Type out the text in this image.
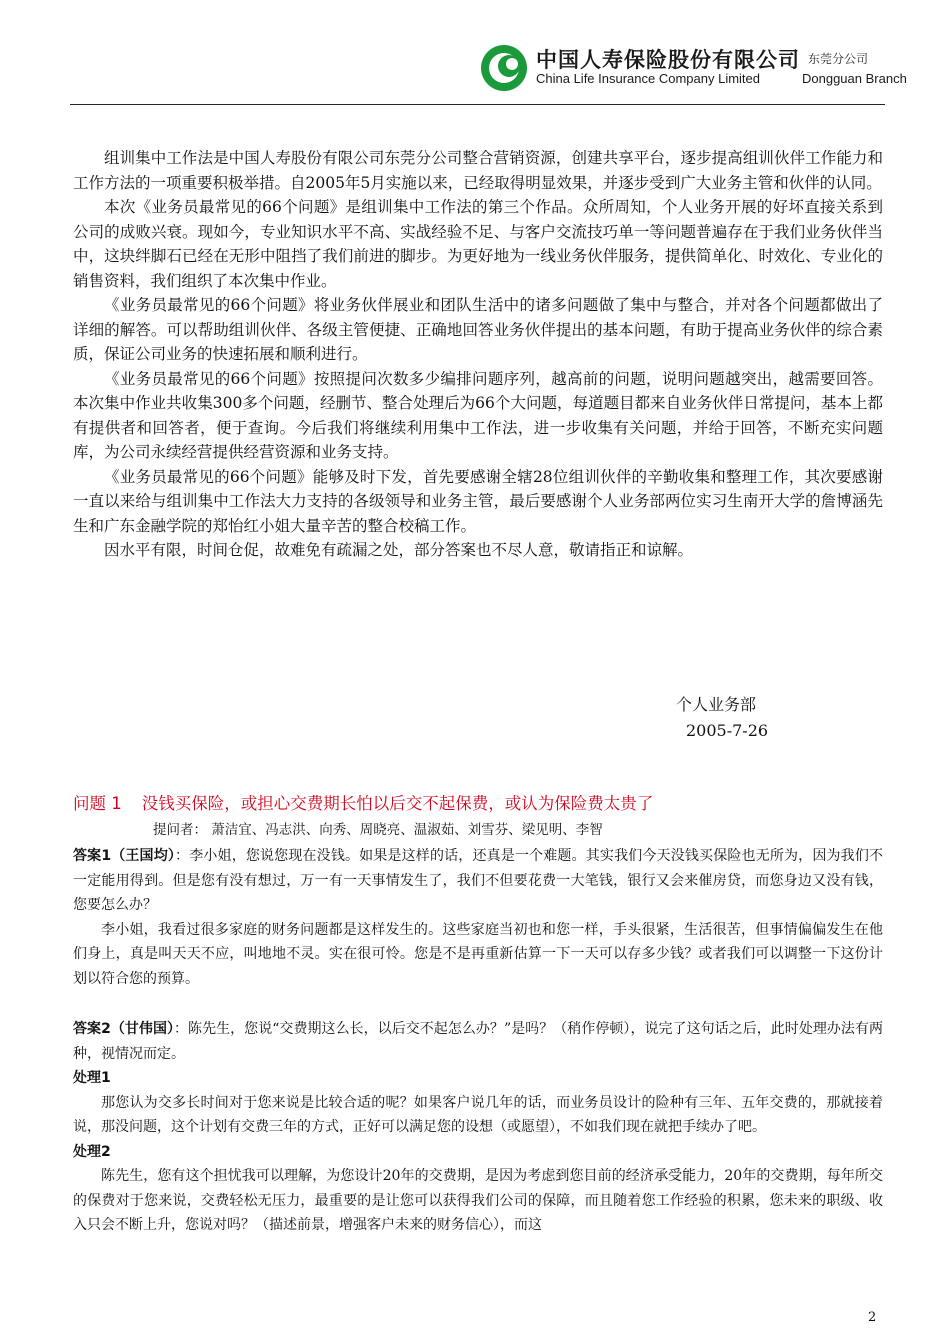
中国人寿保险股份有限公司 东莞分公司
China Life Insurance Company Limited	Dongguan Branch

组训集中工作法是中国人寿股份有限公司东莞分公司整合营销资源，创建共享平台，逐步提高组训伙伴工作能力和工作方法的一项重要积极举措。自2005年5月实施以来，已经取得明显效果，并逐步受到广大业务主管和伙伴的认同。

本次《业务员最常见的66个问题》是组训集中工作法的第三个作品。众所周知，个人业务开展的好坏直接关系到公司的成败兴衰。现如今，专业知识水平不高、实战经验不足、与客户交流技巧单一等问题普遍存在于我们业务伙伴当中，这块绊脚石已经在无形中阻挡了我们前进的脚步。为更好地为一线业务伙伴服务，提供简单化、时效化、专业化的销售资料，我们组织了本次集中作业。

《业务员最常见的66个问题》将业务伙伴展业和团队生活中的诸多问题做了集中与整合，并对各个问题都做出了详细的解答。可以帮助组训伙伴、各级主管便捷、正确地回答业务伙伴提出的基本问题，有助于提高业务伙伴的综合素质，保证公司业务的快速拓展和顺利进行。

《业务员最常见的66个问题》按照提问次数多少编排问题序列，越高前的问题，说明问题越突出，越需要回答。本次集中作业共收集300多个问题，经删节、整合处理后为66个大问题，每道题目都来自业务伙伴日常提问，基本上都有提供者和回答者，便于查询。今后我们将继续利用集中工作法，进一步收集有关问题，并给于回答，不断充实问题库，为公司永续经营提供经营资源和业务支持。

《业务员最常见的66个问题》能够及时下发，首先要感谢全辖28位组训伙伴的辛勤收集和整理工作，其次要感谢一直以来给与组训集中工作法大力支持的各级领导和业务主管，最后要感谢个人业务部两位实习生南开大学的詹博涵先生和广东金融学院的郑怡红小姐大量辛苦的整合校稿工作。

因水平有限，时间仓促，故难免有疏漏之处，部分答案也不尽人意，敬请指正和谅解。

个人业务部
2005-7-26
问题 1 没钱买保险，或担心交费期长怕以后交不起保费，或认为保险费太贵了
提问者： 萧洁宜、冯志洪、向秀、周晓亮、温淑茹、刘雪芬、梁见明、李智

答案1（王国均）：李小姐，您说您现在没钱。如果是这样的话，还真是一个难题。其实我们今天没钱买保险也无所为，因为我们不一定能用得到。但是您有没有想过，万一有一天事情发生了，我们不但要花费一大笔钱，银行又会来催房贷，而您身边又没有钱，您要怎么办？

李小姐，我看过很多家庭的财务问题都是这样发生的。这些家庭当初也和您一样，手头很紧，生活很苦，但事情偏偏发生在他们身上，真是叫天天不应，叫地地不灵。实在很可怜。您是不是再重新估算一下一天可以存多少钱？或者我们可以调整一下这份计划以符合您的预算。

答案2（甘伟国）：陈先生，您说“交费期这么长，以后交不起怎么办？”是吗？（稍作停顿），说完了这句话之后，此时处理办法有两种，视情况而定。

处理1

那您认为交多长时间对于您来说是比较合适的呢？如果客户说几年的话，而业务员设计的险种有三年、五年交费的，那就接着说，那没问题，这个计划有交费三年的方式，正好可以满足您的设想（或愿望），不如我们现在就把手续办了吧。

处理2

陈先生，您有这个担忧我可以理解，为您设计20年的交费期，是因为考虑到您目前的经济承受能力，20年的交费期，每年所交的保费对于您来说，交费轻松无压力，最重要的是让您可以获得我们公司的保障，而且随着您工作经验的积累，您未来的职级、收入只会不断上升，您说对吗？（描述前景，增强客户未来的财务信心），而这

2
